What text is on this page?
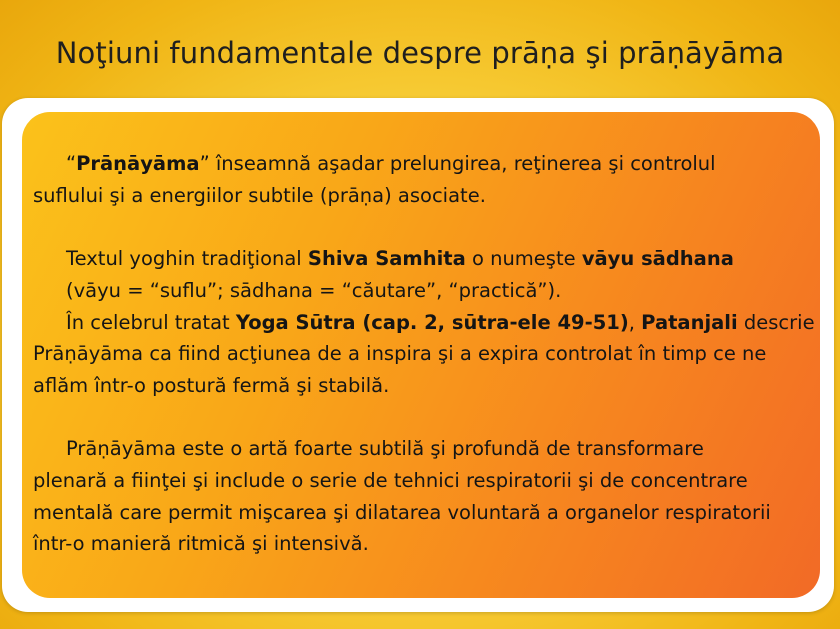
Noţiuni fundamentale despre prāṇa şi prāṇāyāma

“Prāṇāyāma” înseamnă aşadar prelungirea, reţinerea şi controlul
suflului şi a energiilor subtile (prāṇa) asociate.

Textul yoghin tradiţional Shiva Samhita o numeşte vāyu sādhana
(vāyu = “suflu”; sādhana = “căutare”, “practică”).

În celebrul tratat Yoga Sūtra (cap. 2, sūtra-ele 49-51), Patanjali descrie
Prāṇāyāma ca fiind acţiunea de a inspira şi a expira controlat în timp ce ne
aflăm într-o postură fermă şi stabilă.

Prāṇāyāma este o artă foarte subtilă şi profundă de transformare
plenară a fiinţei şi include o serie de tehnici respiratorii şi de concentrare
mentală care permit mişcarea şi dilatarea voluntară a organelor respiratorii
într-o manieră ritmică şi intensivă.
